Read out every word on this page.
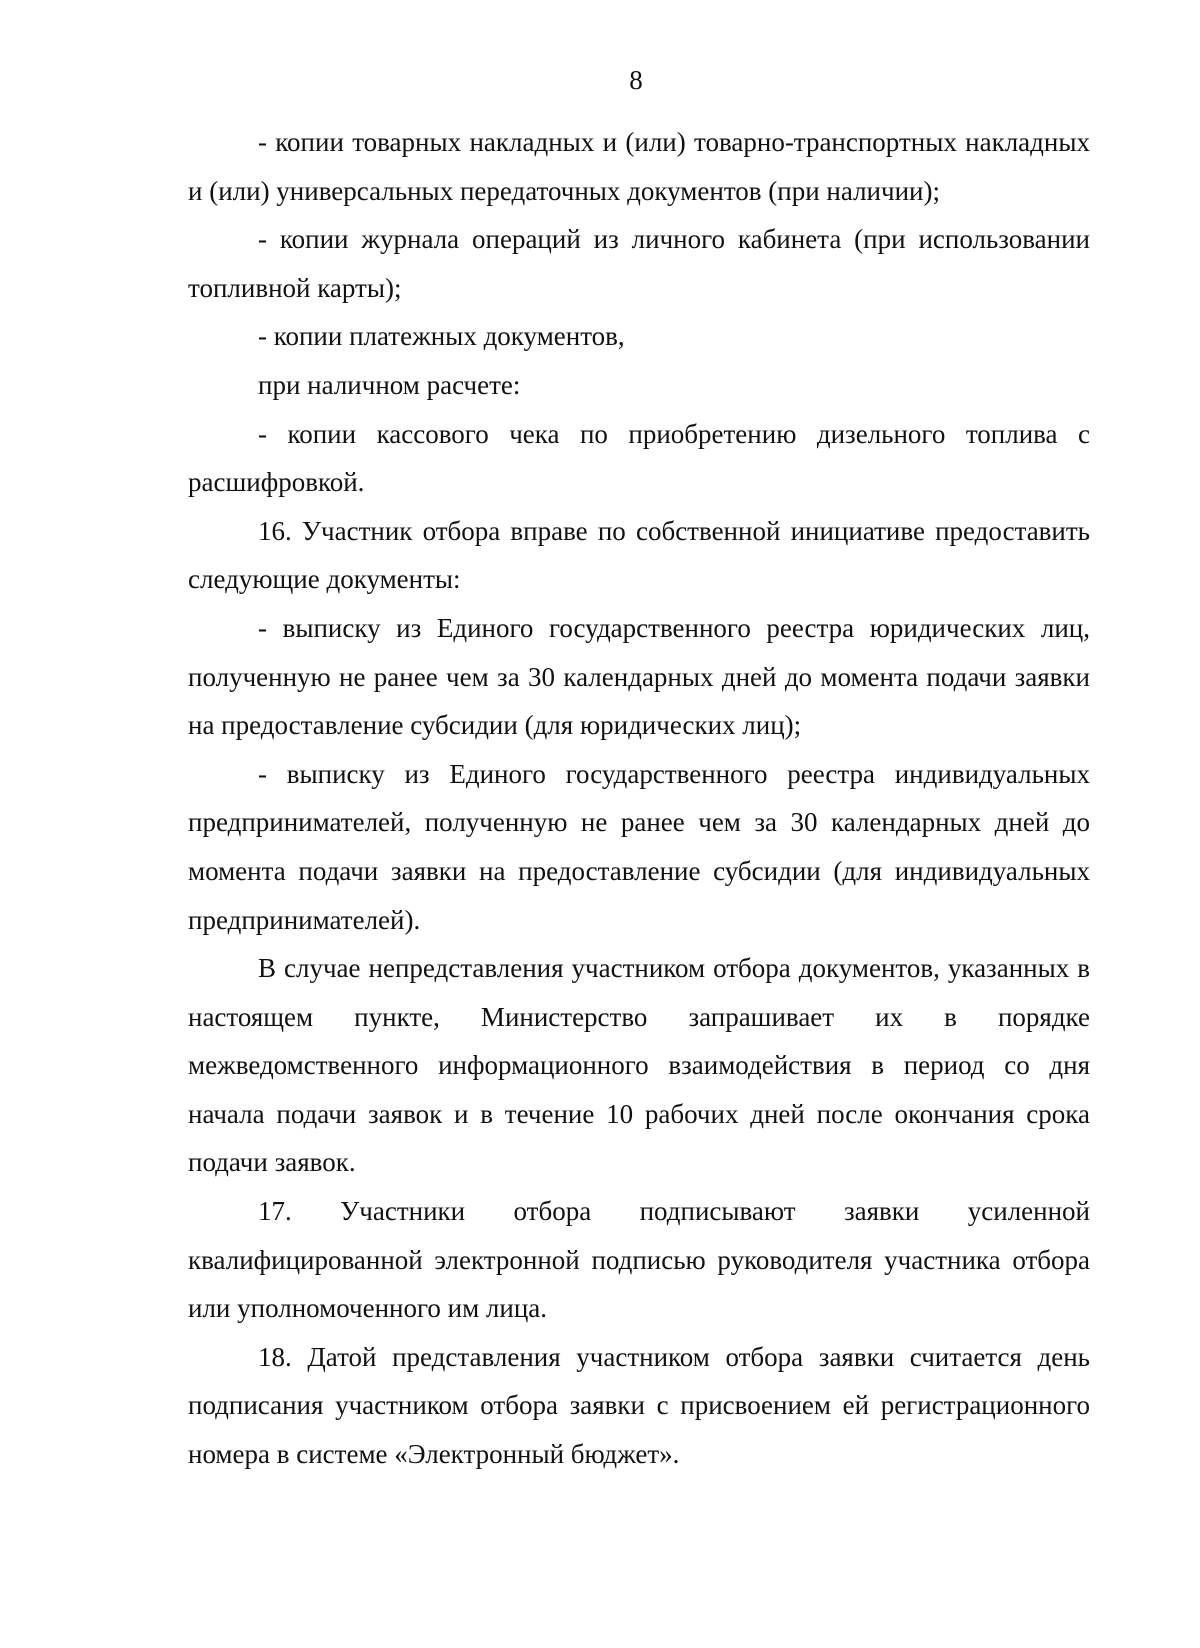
8

- копии товарных накладных и (или) товарно-транспортных накладных и (или) универсальных передаточных документов (при наличии);

- копии журнала операций из личного кабинета (при использовании топливной карты);

- копии платежных документов,

при наличном расчете:

- копии кассового чека по приобретению дизельного топлива с расшифровкой.

16. Участник отбора вправе по собственной инициативе предоставить следующие документы:

- выписку из Единого государственного реестра юридических лиц, полученную не ранее чем за 30 календарных дней до момента подачи заявки на предоставление субсидии (для юридических лиц);

- выписку из Единого государственного реестра индивидуальных предпринимателей, полученную не ранее чем за 30 календарных дней до момента подачи заявки на предоставление субсидии (для индивидуальных предпринимателей).

В случае непредставления участником отбора документов, указанных в настоящем пункте, Министерство запрашивает их в порядке межведомственного информационного взаимодействия в период со дня начала подачи заявок и в течение 10 рабочих дней после окончания срока подачи заявок.

17. Участники отбора подписывают заявки усиленной квалифицированной электронной подписью руководителя участника отбора или уполномоченного им лица.

18. Датой представления участником отбора заявки считается день подписания участником отбора заявки с присвоением ей регистрационного номера в системе «Электронный бюджет».
